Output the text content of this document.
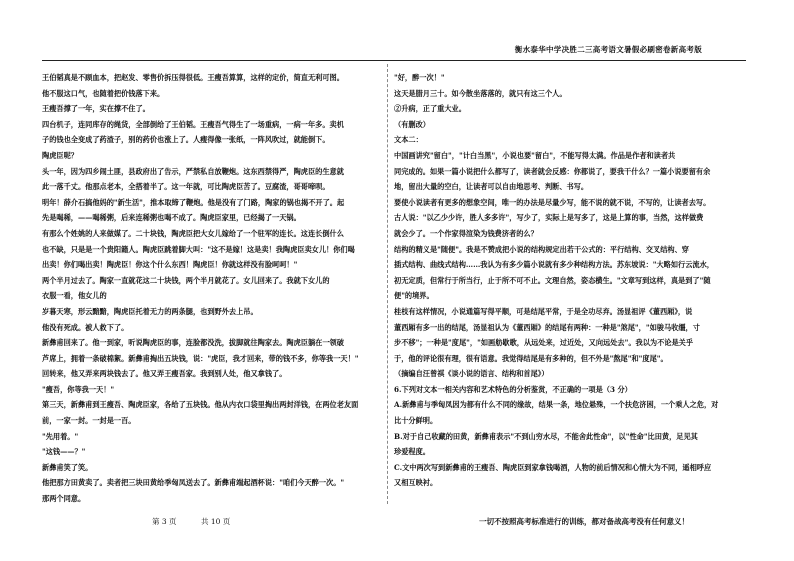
衡水泰华中学决胜二三高考语文暑假必刷密卷新高考版

王伯韬真是不顾血本，把赵发、零售价拆压得很低。王瘦吾算算，这样的定价，简直无利可图。

他不服这口气，也随着把价钱落下来。

王瘦吾撑了一年，实在撑不住了。

四台机子，连同库存的绳货，全部倒给了王伯韬。王瘦吾气得生了一场重病，一病一年多。卖机

子的钱也全变成了药渣子，别的药价也涨上了。人瘦得像一张纸，一阵风吹过，就能倒下。

陶虎臣呢？

头一年，因为四乡闹土匪，县政府出了告示，严禁私自放鞭炮。这东西禁得严，陶虎臣的生意就

此一落千丈。他那点老本，全搭着半了。这一年就，可比陶虎臣苦了。豆腐渣，哥哥啼呗。

明年！薛介石搞他妈的"新生活"，推本取缔了鞭炮。他是没有了门路，陶家的锅也揭不开了。起

先是喝稀，——喝稀粥，后来连稀粥也喝不成了。陶虎臣家里，已经揭了一天锅。

有那么个姓姚的人来做媒了。二十块钱，陶虎臣把大女儿嫁给了一个驻军的连长。这连长倒什么

也不缺，只是是一个贵阳籍人。陶虎臣跳着脚大叫："这不是嫁！这是卖！我陶虎臣卖女儿！你们喝

出卖！你们喝出卖！陶虎臣！你这个什么东西！陶虎臣！你就这样没有脸呵呵！"

两个半月过去了。陶家一直就花这二十块钱，两个半月就花了。女儿回来了。我就下女儿的

衣服一看，他女儿的

岁暮天寒，形云黯黯，陶虎臣托着无力的两条腿，也到野外去上吊。

他没有死成。被人救下了。

新彝甫回来了。他一到家，听说陶虎臣的事，连脸都没洗，拔脚就往陶家去。陶虎臣躺在一领破

芦席上，拥着一条破棉絮。新彝甫掏出五块钱，说："虎臣，我才回来，带的钱不多，你等我一天！"

回转来，他又弄来两块钱去了。他又弄王瘦吾家。我到别人处，他又拿钱了。

"瘦吾，你等我一天！"

第三天，新彝甫到王瘦吾、陶虎臣家，各给了五块钱。他从内衣口袋里掏出两封洋钱，在两位老友面

前，一家一封。一封是一百。

"先用着。"

"这钱——？"

新彝甫笑了笑。

他把那方田黄卖了。卖者把三块田黄给季匈凤送去了。新彝甫端起酒杯说："咱们今天醉一次。"

那两个同意。

"好，醉一次！"

这天是腊月三十。如今散坐落落的，就只有这三个人。

②升病，正了重大业。

（有删改）

文本二：

中国画讲究"留白"，"计白当黑"，小说也要"留白"，不能写得太满。作品是作者和读者共

同完成的。如果一篇小说把什么都写了，读者就会反感：你都说了，要我干什么？一篇小说要留有余

地，留出大量的空白，让读者可以自由地思考、判断、书写。

要使小说读者有更多的想象空间，唯一的办法是尽量少写，能不说的就不说，不写的，让读者去写。

古人说："以乙少少许，胜人多多许"，写少了，实际上是写多了，这是上算的事，当然，这样做费

就会少了。一个作家得渲染为钱费济者的么？

结构的精义是"随便"。我是不赞成把小说的结构规定出若干公式的：平行结构、交叉结构、穿

插式结构、曲线式结构……我认为有多少篇小说就有多少种结构方法。苏东坡说："大略如行云流水，

初无定质，但常行于所当行，止于所不可不止。文理自然，姿态横生。"文章写到这样，真是到了"随

便"的境界。

桂枝有这样情况，小说通篇写得平顺，可是结尾平常，于是全功尽弃。汤显祖评《董西厢》，说

董西厢有多一出的结尾，汤显祖认为《董西厢》的结尾有两种：一种是"煞尾"，"如骏马收缰，寸

步不移"；一种是"度尾"，"如画舫歇歌，从远处来，过近处，又向远处去"。我以为不论是关乎

于，他的评论很有理，很有语意。我觉得结尾是有多种的，但不外是"熬尾"和"度尾"。

（摘编自汪曾祺《谈小说的语言、结构和首尾》）

6.下列对文本一相关内容和艺术特色的分析鉴赏，不正确的一项是（3 分）

A.新彝甫与季匈凤因为都有什么不同的缘故，结果一条，地位悬殊，一个扶危济困，一个乘人之危，对

比十分鲜明。

B.对于自己收藏的田黄，新彝甫表示"不到山穷水尽，不能舍此性命"，以"性命"比田黄，足见其

珍爱程度。

C.文中两次写到新彝甫的王瘦吾、陶虎臣到家拿钱喝酒，人物的前后情况和心情大为不同，遥相呼应

又相互映衬。

第 3 页	共 10 页	一切不按照高考标准进行的训练，都对备战高考没有任何意义！
